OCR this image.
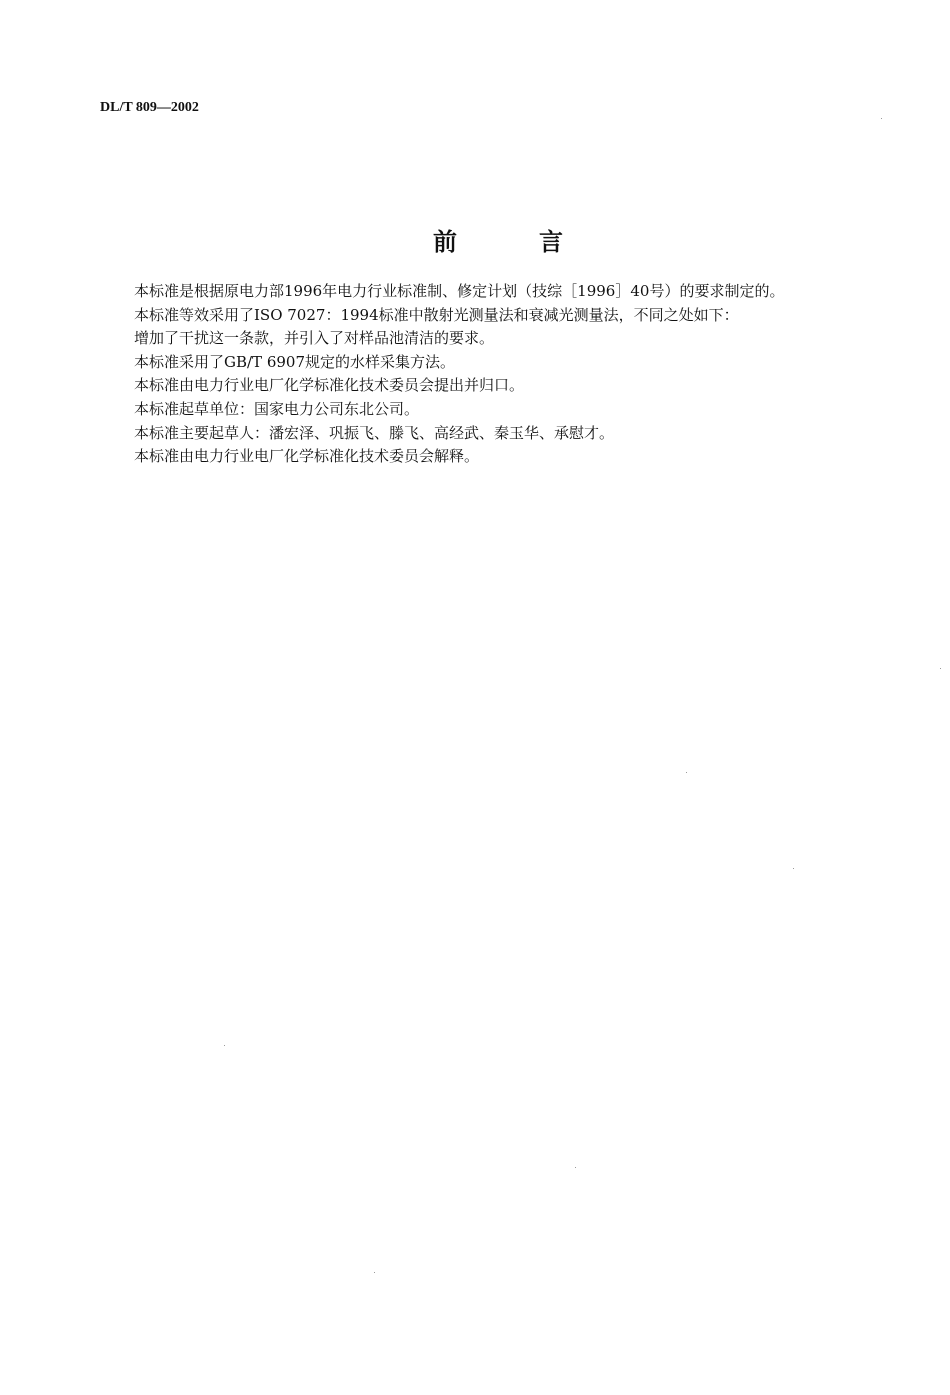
DL/T 809—2002
前	言

本标准是根据原电力部1996年电力行业标准制、修定计划（技综［1996］40号）的要求制定的。

本标准等效采用了ISO 7027：1994标准中散射光测量法和衰减光测量法，不同之处如下：

增加了干扰这一条款，并引入了对样品池清洁的要求。

本标准采用了GB/T 6907规定的水样采集方法。

本标准由电力行业电厂化学标准化技术委员会提出并归口。

本标准起草单位：国家电力公司东北公司。

本标准主要起草人：潘宏泽、巩振飞、滕飞、高经武、秦玉华、承慰才。

本标准由电力行业电厂化学标准化技术委员会解释。
